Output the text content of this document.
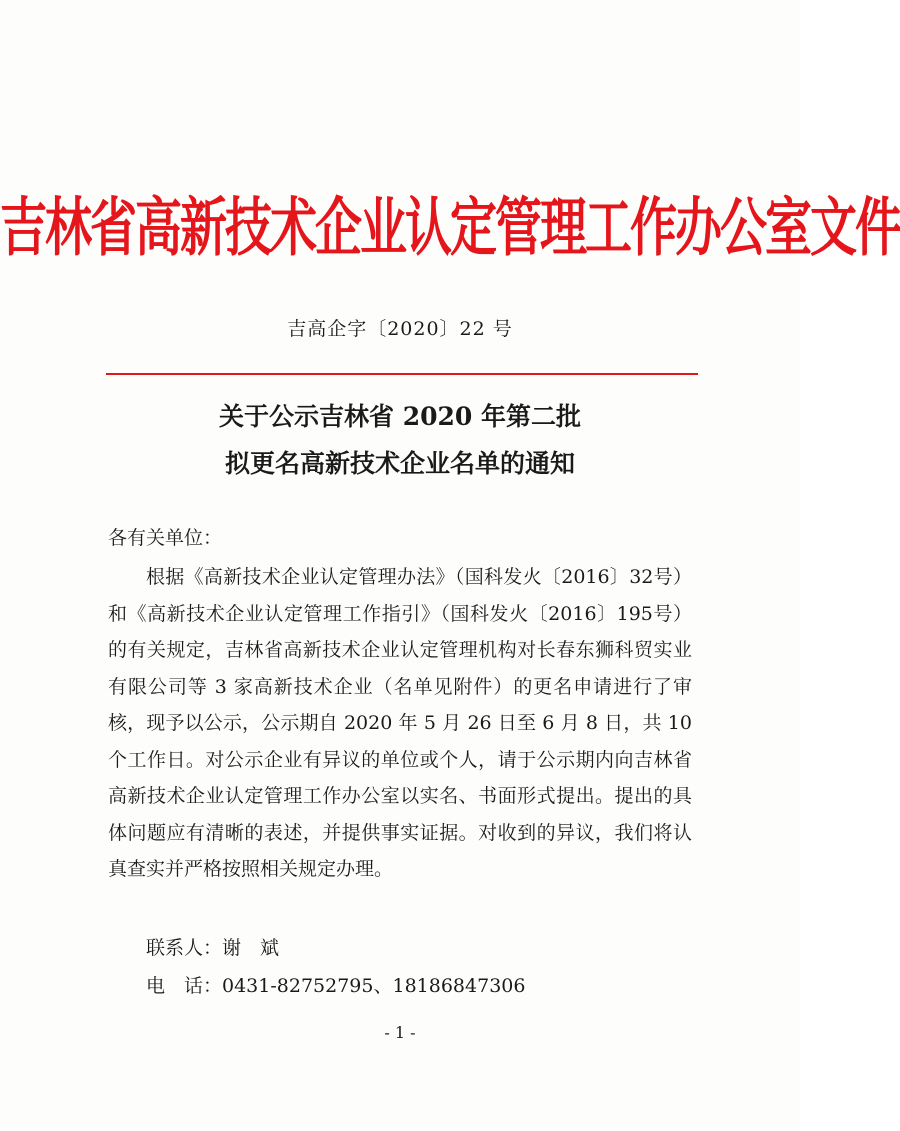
吉林省高新技术企业认定管理工作办公室文件
吉高企字〔2020〕22 号
关于公示吉林省 2020 年第二批
拟更名高新技术企业名单的通知
各有关单位：
根据《高新技术企业认定管理办法》（国科发火〔2016〕32号）和《高新技术企业认定管理工作指引》（国科发火〔2016〕195号）的有关规定，吉林省高新技术企业认定管理机构对长春东狮科贸实业有限公司等 3 家高新技术企业（名单见附件）的更名申请进行了审核，现予以公示，公示期自 2020 年 5 月 26 日至 6 月 8 日，共 10 个工作日。对公示企业有异议的单位或个人，请于公示期内向吉林省高新技术企业认定管理工作办公室以实名、书面形式提出。提出的具体问题应有清晰的表述，并提供事实证据。对收到的异议，我们将认真查实并严格按照相关规定办理。
联系人：谢　斌
电　话：0431-82752795、18186847306
- 1 -
